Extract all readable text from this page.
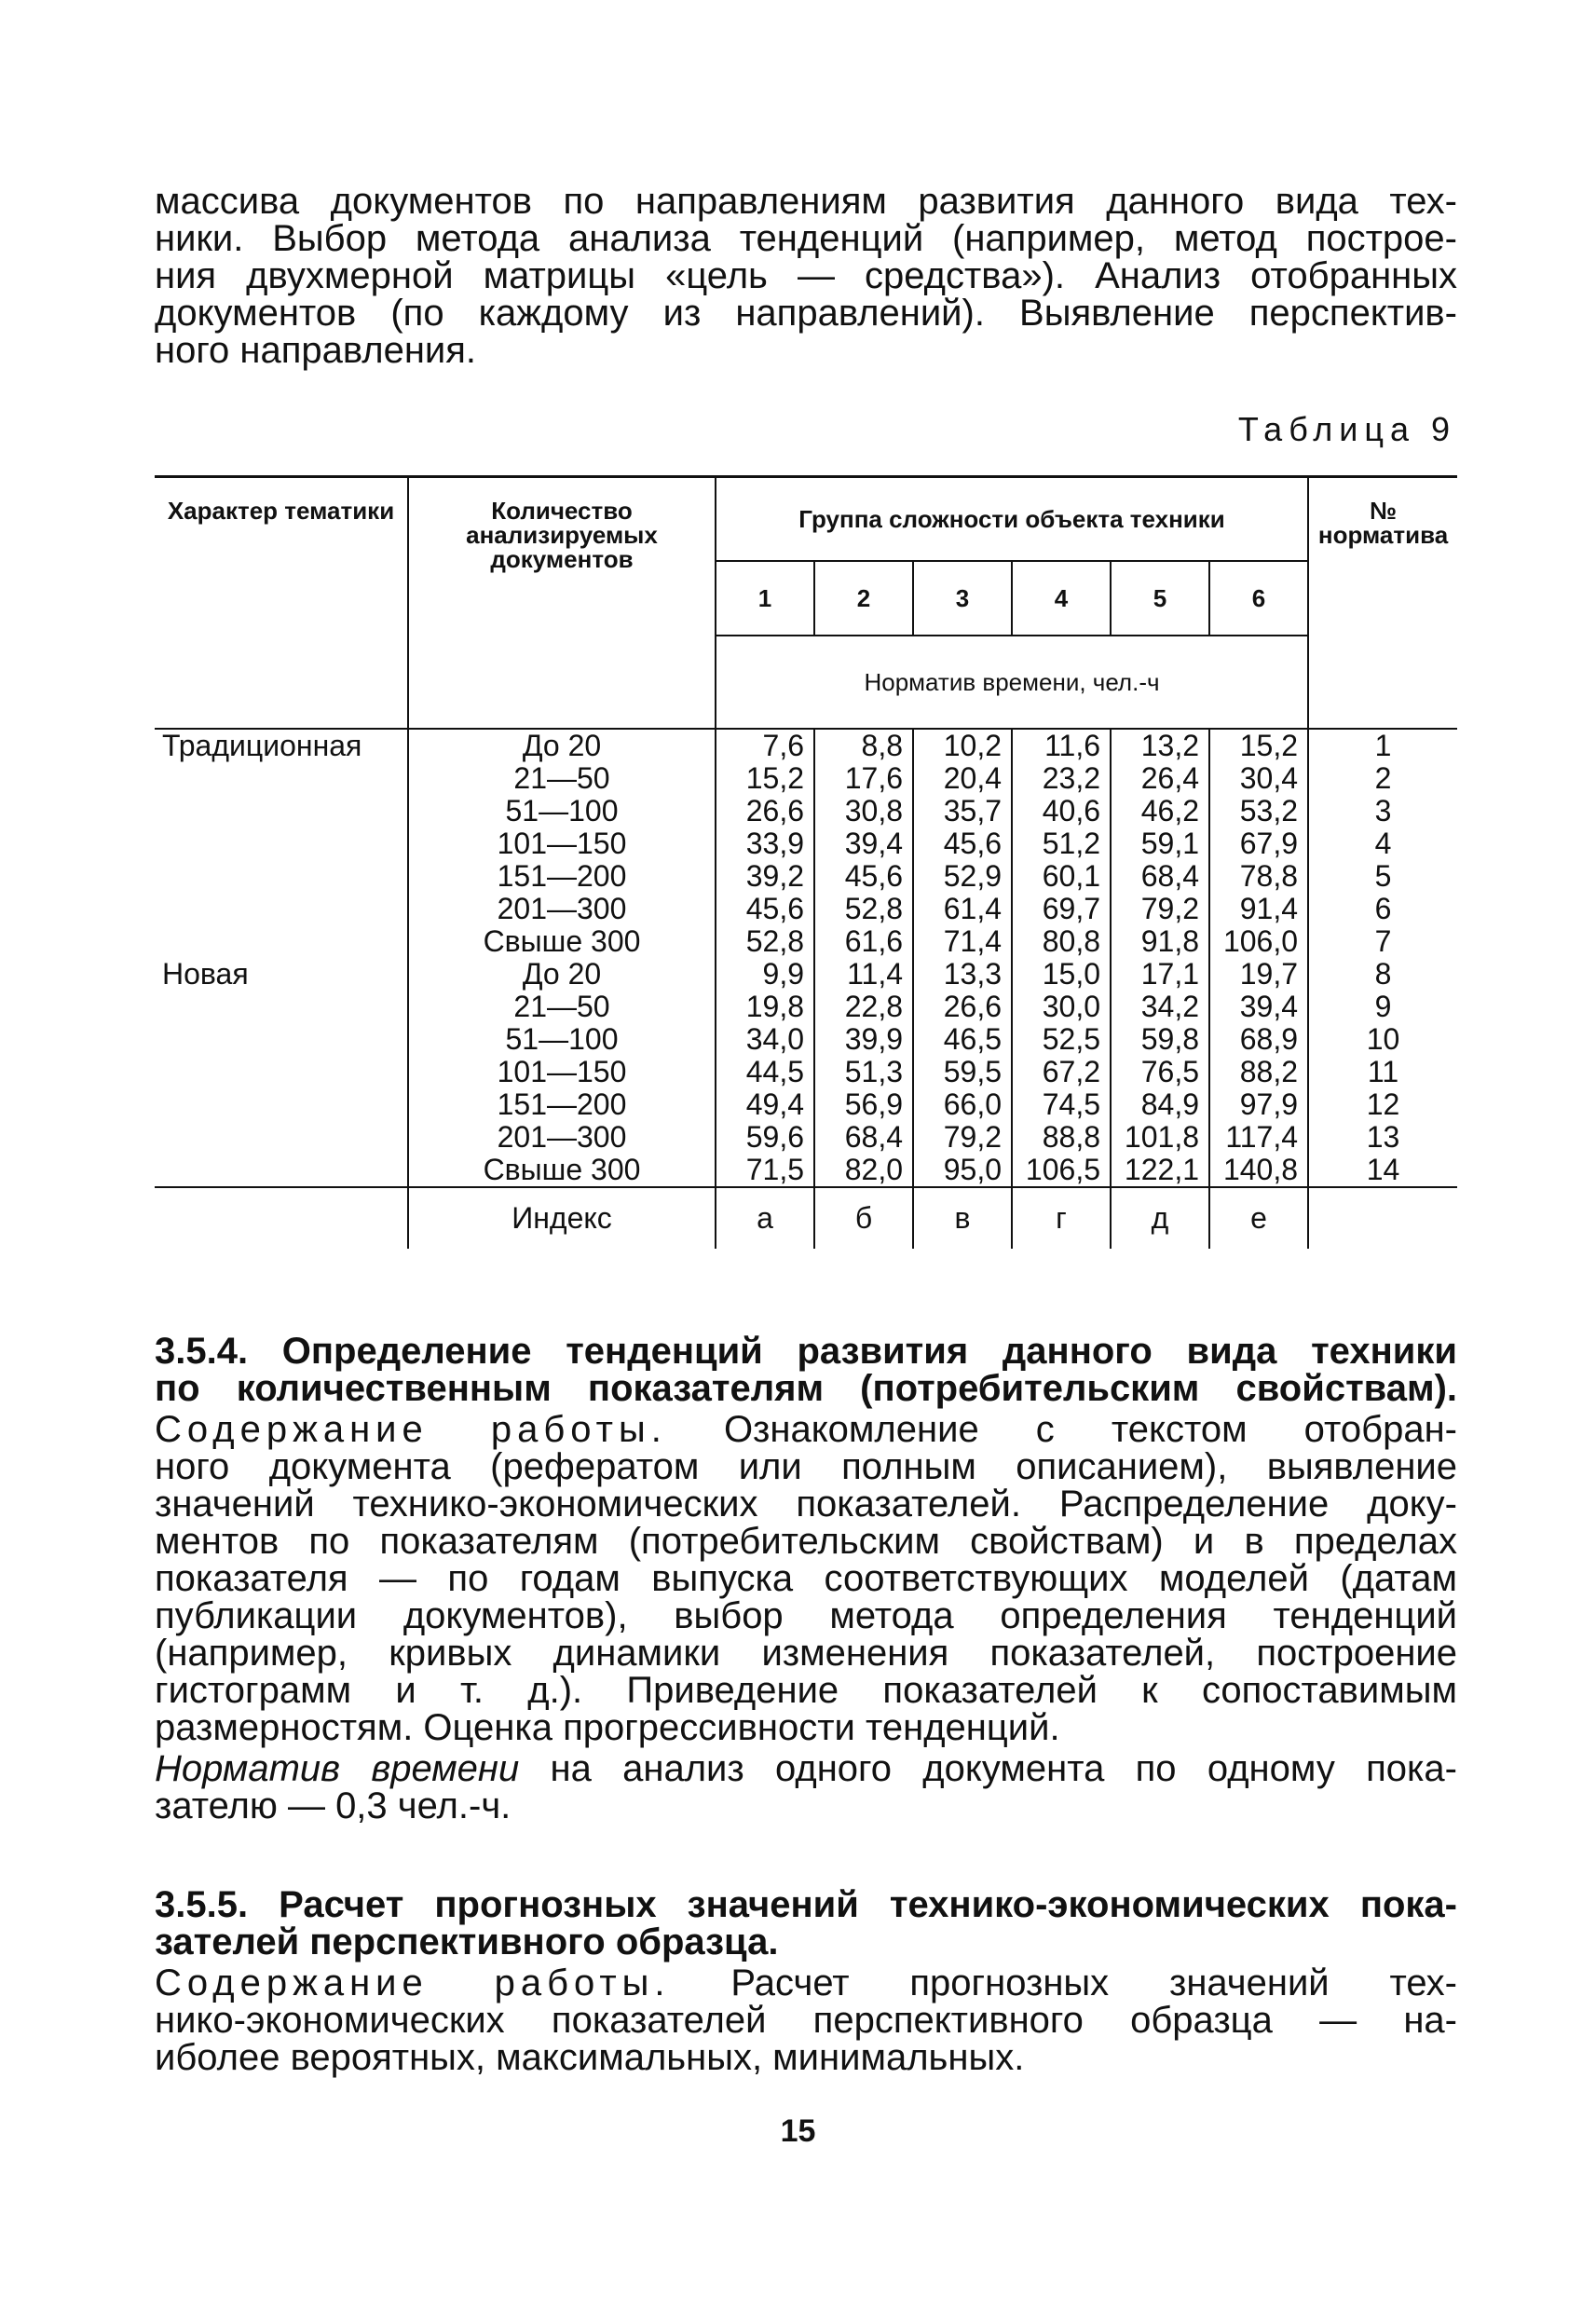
массива документов по направлениям развития данного вида тех-
ники. Выбор метода анализа тенденций (например, метод построе-
ния двухмерной матрицы «цель — средства»). Анализ отобранных
документов (по каждому из направлений). Выявление перспектив-
ного направления.
Таблица 9
Характер тематики	Количество анализируемых документов	Группа сложности объекта техники						№ норматива
		1	2	3	4	5	6	
		Норматив времени, чел.-ч						
Традиционная	До 20	7,6	8,8	10,2	11,6	13,2	15,2	1
	21—50	15,2	17,6	20,4	23,2	26,4	30,4	2
	51—100	26,6	30,8	35,7	40,6	46,2	53,2	3
	101—150	33,9	39,4	45,6	51,2	59,1	67,9	4
	151—200	39,2	45,6	52,9	60,1	68,4	78,8	5
	201—300	45,6	52,8	61,4	69,7	79,2	91,4	6
	Свыше 300	52,8	61,6	71,4	80,8	91,8	106,0	7
Новая	До 20	9,9	11,4	13,3	15,0	17,1	19,7	8
	21—50	19,8	22,8	26,6	30,0	34,2	39,4	9
	51—100	34,0	39,9	46,5	52,5	59,8	68,9	10
	101—150	44,5	51,3	59,5	67,2	76,5	88,2	11
	151—200	49,4	56,9	66,0	74,5	84,9	97,9	12
	201—300	59,6	68,4	79,2	88,8	101,8	117,4	13
	Свыше 300	71,5	82,0	95,0	106,5	122,1	140,8	14
	Индекс	а	б	в	г	д	е	
3.5.4. Определение тенденций развития данного вида техники
по количественным показателям (потребительским свойствам).
Содержание работы. Ознакомление с текстом отобран-
ного документа (рефератом или полным описанием), выявление
значений технико-экономических показателей. Распределение доку-
ментов по показателям (потребительским свойствам) и в пределах
показателя — по годам выпуска соответствующих моделей (датам
публикации документов), выбор метода определения тенденций
(например, кривых динамики изменения показателей, построение
гистограмм и т. д.). Приведение показателей к сопоставимым
размерностям. Оценка прогрессивности тенденций.
Норматив времени на анализ одного документа по одному пока-
зателю — 0,3 чел.-ч.
3.5.5. Расчет прогнозных значений технико-экономических пока-
зателей перспективного образца.
Содержание работы. Расчет прогнозных значений тех-
нико-экономических показателей перспективного образца — на-
иболее вероятных, максимальных, минимальных.
15
